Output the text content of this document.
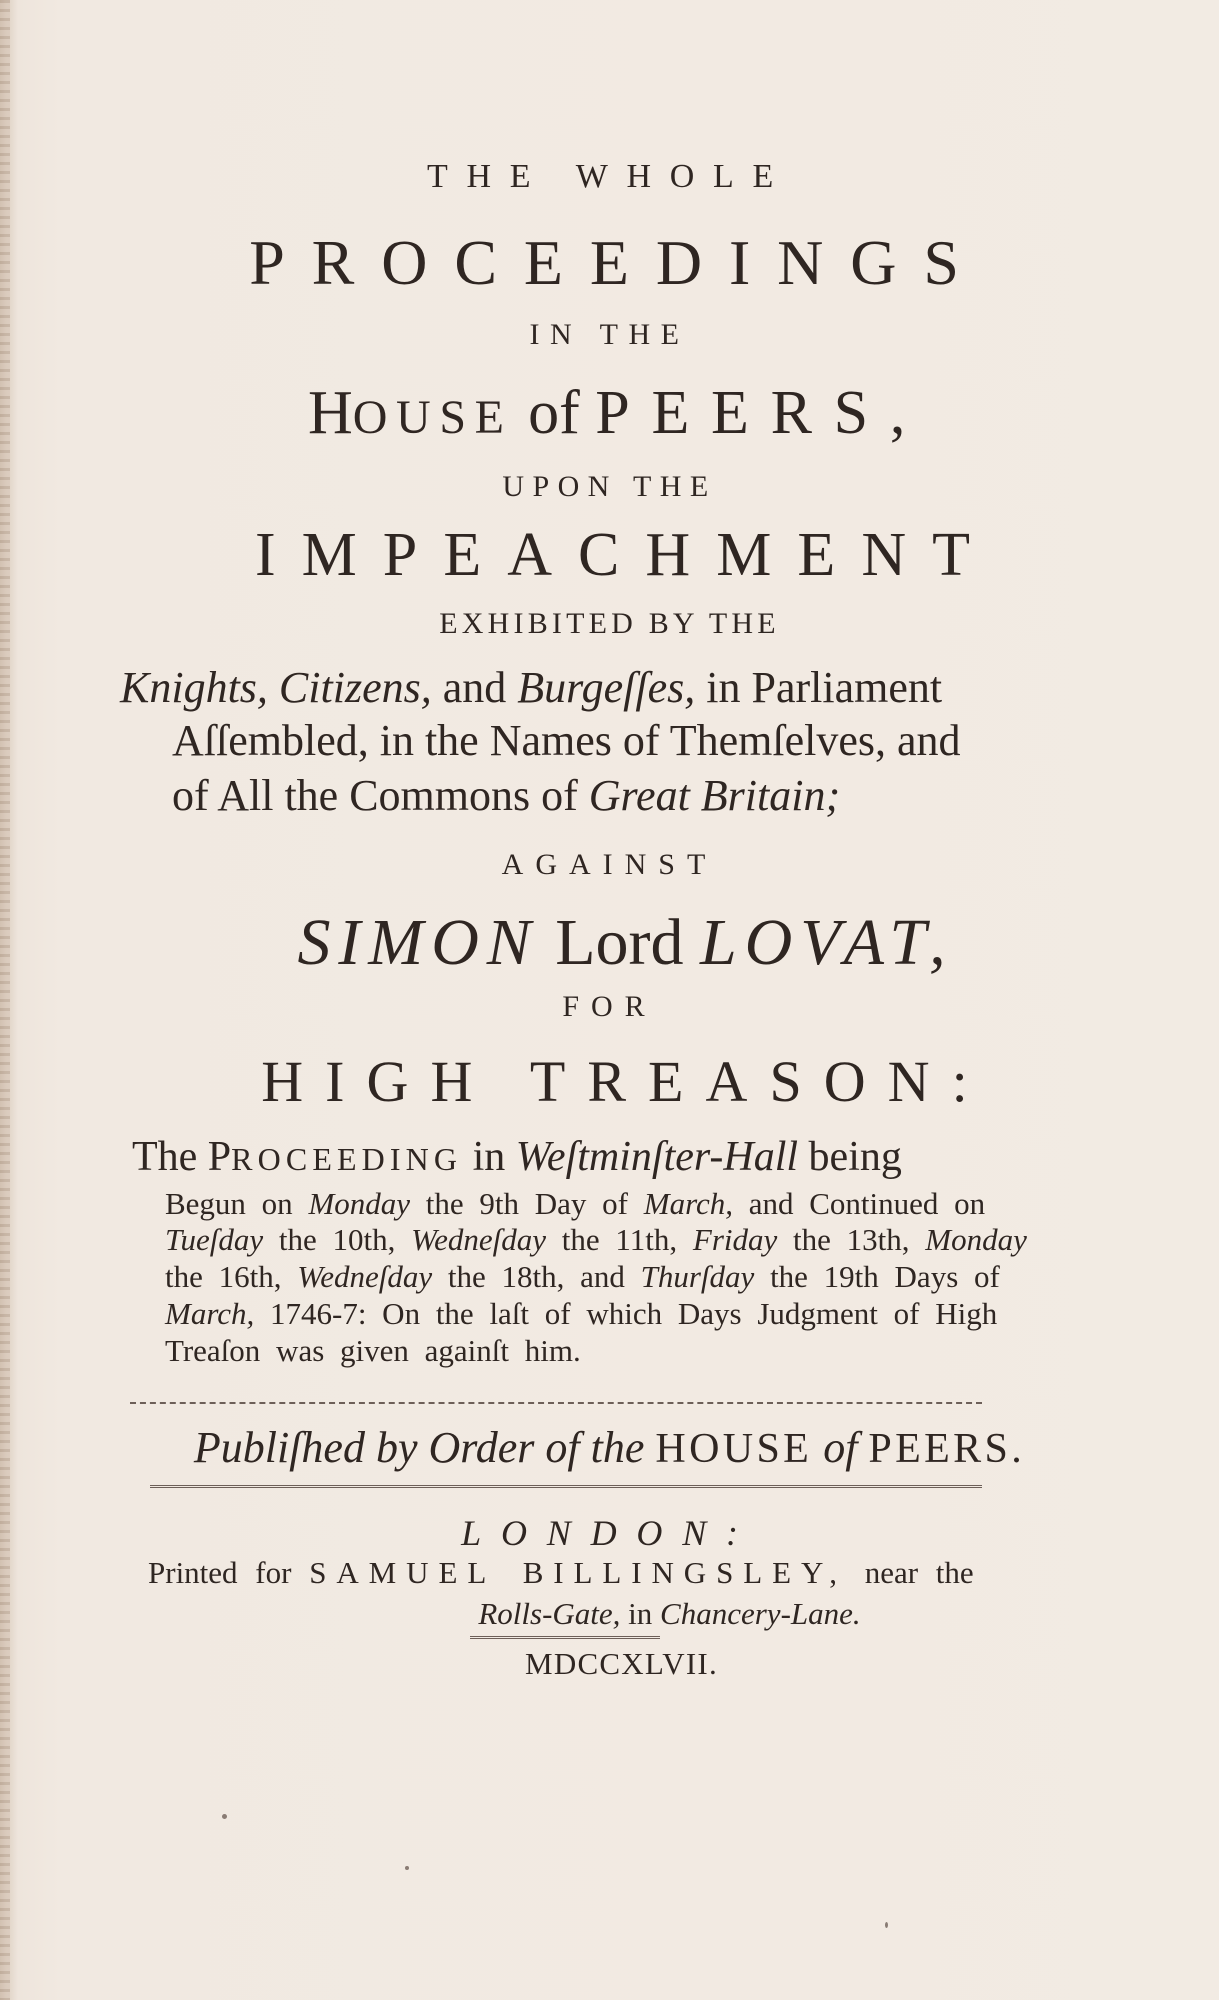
THE WHOLE
PROCEEDINGS
IN THE
HOUSE of PEERS,
UPON THE
IMPEACHMENT
EXHIBITED BY THE
Knights, Citizens, and Burgeſſes, in Parliament
Aſſembled, in the Names of Themſelves, and
of All the Commons of Great Britain;
AGAINST
SIMON Lord LOVAT,
FOR
HIGH TREASON:
The PROCEEDING in Weſtminſter-Hall being
Begun on Monday the 9th Day of March, and Continued on
Tueſday the 10th, Wedneſday the 11th, Friday the 13th, Monday
the 16th, Wedneſday the 18th, and Thurſday the 19th Days of
March, 1746-7: On the laſt of which Days Judgment of High
Treaſon was given againſt him.
Publiſhed by Order of the HOUSE of PEERS.
LONDON:
Printed for SAMUEL BILLINGSLEY, near the
Rolls-Gate, in Chancery-Lane.
MDCCXLVII.
